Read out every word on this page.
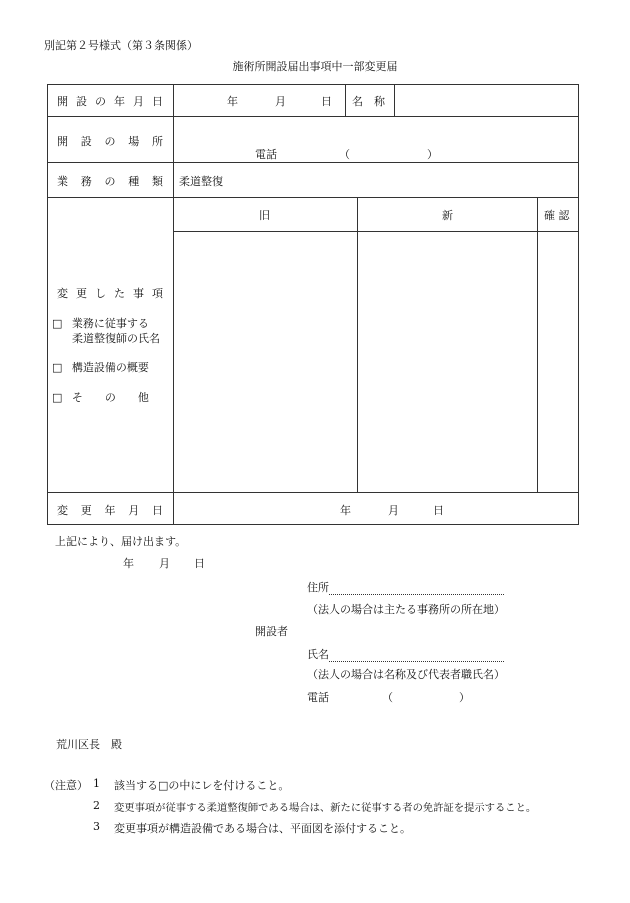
別記第２号様式（第３条関係）
施術所開設届出事項中一部変更届
開 設 の 年 月 日	年	月	日 名　称
開 設 の 場 所
電話	（　　　　　　　）
業 務 の 種 類 柔道整復
旧	新	確 認
変 更 し た 事 項
□ 業務に従事する
柔道整復師の氏名
□ 構造設備の概要
□ そ　　の　　他
変 更 年 月 日	年	月	日
上記により、届け出ます。
年 月 日
住所
（法人の場合は主たる事務所の所在地）
開設者
氏名
（法人の場合は名称及び代表者職氏名）
電話	（　　　　　　）
荒川区長　殿
（注意） 1 該当する□の中にレを付けること。
2 変更事項が従事する柔道整復師である場合は、新たに従事する者の免許証を提示すること。
3 変更事項が構造設備である場合は、平面図を添付すること。
